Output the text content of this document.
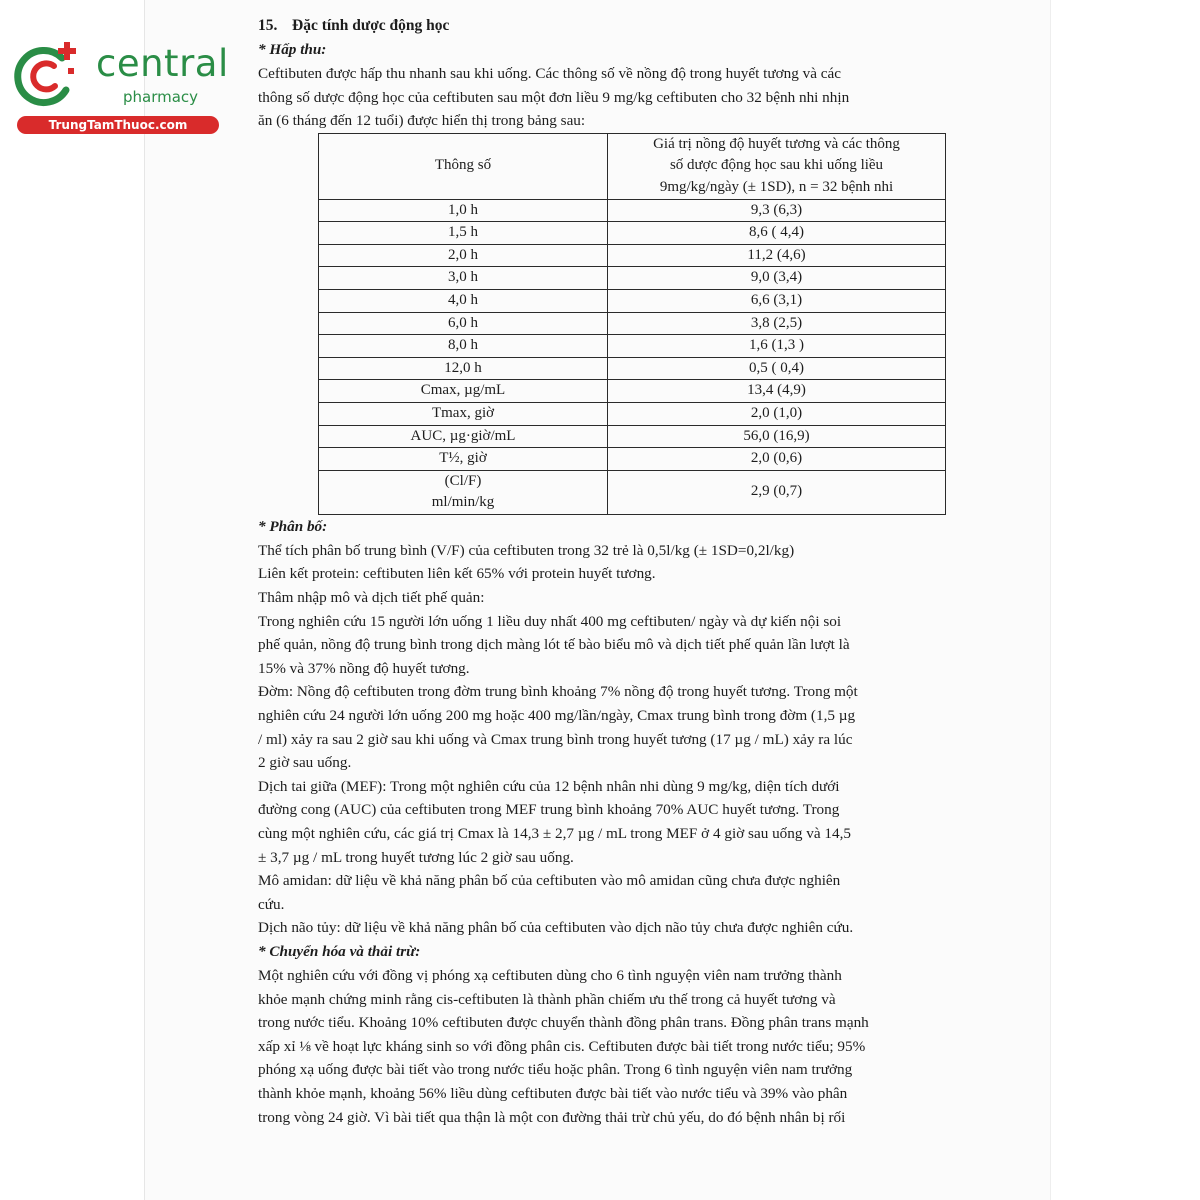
central
pharmacy
TrungTamThuoc.com
15. Đặc tính dược động học
* Hấp thu:
Ceftibuten được hấp thu nhanh sau khi uống. Các thông số về nồng độ trong huyết tương và các
thông số dược động học của ceftibuten sau một đơn liều 9 mg/kg ceftibuten cho 32 bệnh nhi nhịn
ăn (6 tháng đến 12 tuổi) được hiển thị trong bảng sau:
Thông số	Giá trị nồng độ huyết tương và các thông
số dược động học sau khi uống liều
9mg/kg/ngày (± 1SD), n = 32 bệnh nhi

1,0 h	9,3 (6,3)
1,5 h	8,6 ( 4,4)
2,0 h	11,2 (4,6)
3,0 h	9,0 (3,4)
4,0 h	6,6 (3,1)
6,0 h	3,8 (2,5)
8,0 h	1,6 (1,3 )
12,0 h	0,5 ( 0,4)
Cmax, µg/mL	13,4 (4,9)
Tmax, giờ	2,0 (1,0)
AUC, µg·giờ/mL	56,0 (16,9)
T½, giờ	2,0 (0,6)

(Cl/F)
ml/min/kg	2,9 (0,7)
* Phân bố:
Thể tích phân bố trung bình (V/F) của ceftibuten trong 32 trẻ là 0,5l/kg (± 1SD=0,2l/kg)
Liên kết protein: ceftibuten liên kết 65% với protein huyết tương.
Thâm nhập mô và dịch tiết phế quản:
Trong nghiên cứu 15 người lớn uống 1 liều duy nhất 400 mg ceftibuten/ ngày và dự kiến nội soi
phế quản, nồng độ trung bình trong dịch màng lót tế bào biểu mô và dịch tiết phế quản lần lượt là
15% và 37% nồng độ huyết tương.
Đờm: Nồng độ ceftibuten trong đờm trung bình khoảng 7% nồng độ trong huyết tương. Trong một
nghiên cứu 24 người lớn uống 200 mg hoặc 400 mg/lần/ngày, Cmax trung bình trong đờm (1,5 µg
/ ml) xảy ra sau 2 giờ sau khi uống và Cmax trung bình trong huyết tương (17 µg / mL) xảy ra lúc
2 giờ sau uống.
Dịch tai giữa (MEF): Trong một nghiên cứu của 12 bệnh nhân nhi dùng 9 mg/kg, diện tích dưới
đường cong (AUC) của ceftibuten trong MEF trung bình khoảng 70% AUC huyết tương. Trong
cùng một nghiên cứu, các giá trị Cmax là 14,3 ± 2,7 µg / mL trong MEF ở 4 giờ sau uống và 14,5
± 3,7 µg / mL trong huyết tương lúc 2 giờ sau uống.
Mô amidan: dữ liệu về khả năng phân bố của ceftibuten vào mô amidan cũng chưa được nghiên
cứu.
Dịch não tủy: dữ liệu về khả năng phân bố của ceftibuten vào dịch não tủy chưa được nghiên cứu.
* Chuyển hóa và thải trừ:
Một nghiên cứu với đồng vị phóng xạ ceftibuten dùng cho 6 tình nguyện viên nam trưởng thành
khỏe mạnh chứng minh rằng cis-ceftibuten là thành phần chiếm ưu thế trong cả huyết tương và
trong nước tiểu. Khoảng 10% ceftibuten được chuyển thành đồng phân trans. Đồng phân trans mạnh
xấp xỉ ⅛ về hoạt lực kháng sinh so với đồng phân cis. Ceftibuten được bài tiết trong nước tiểu; 95%
phóng xạ uống được bài tiết vào trong nước tiểu hoặc phân. Trong 6 tình nguyện viên nam trưởng
thành khỏe mạnh, khoảng 56% liều dùng ceftibuten được bài tiết vào nước tiểu và 39% vào phân
trong vòng 24 giờ. Vì bài tiết qua thận là một con đường thải trừ chủ yếu, do đó bệnh nhân bị rối
